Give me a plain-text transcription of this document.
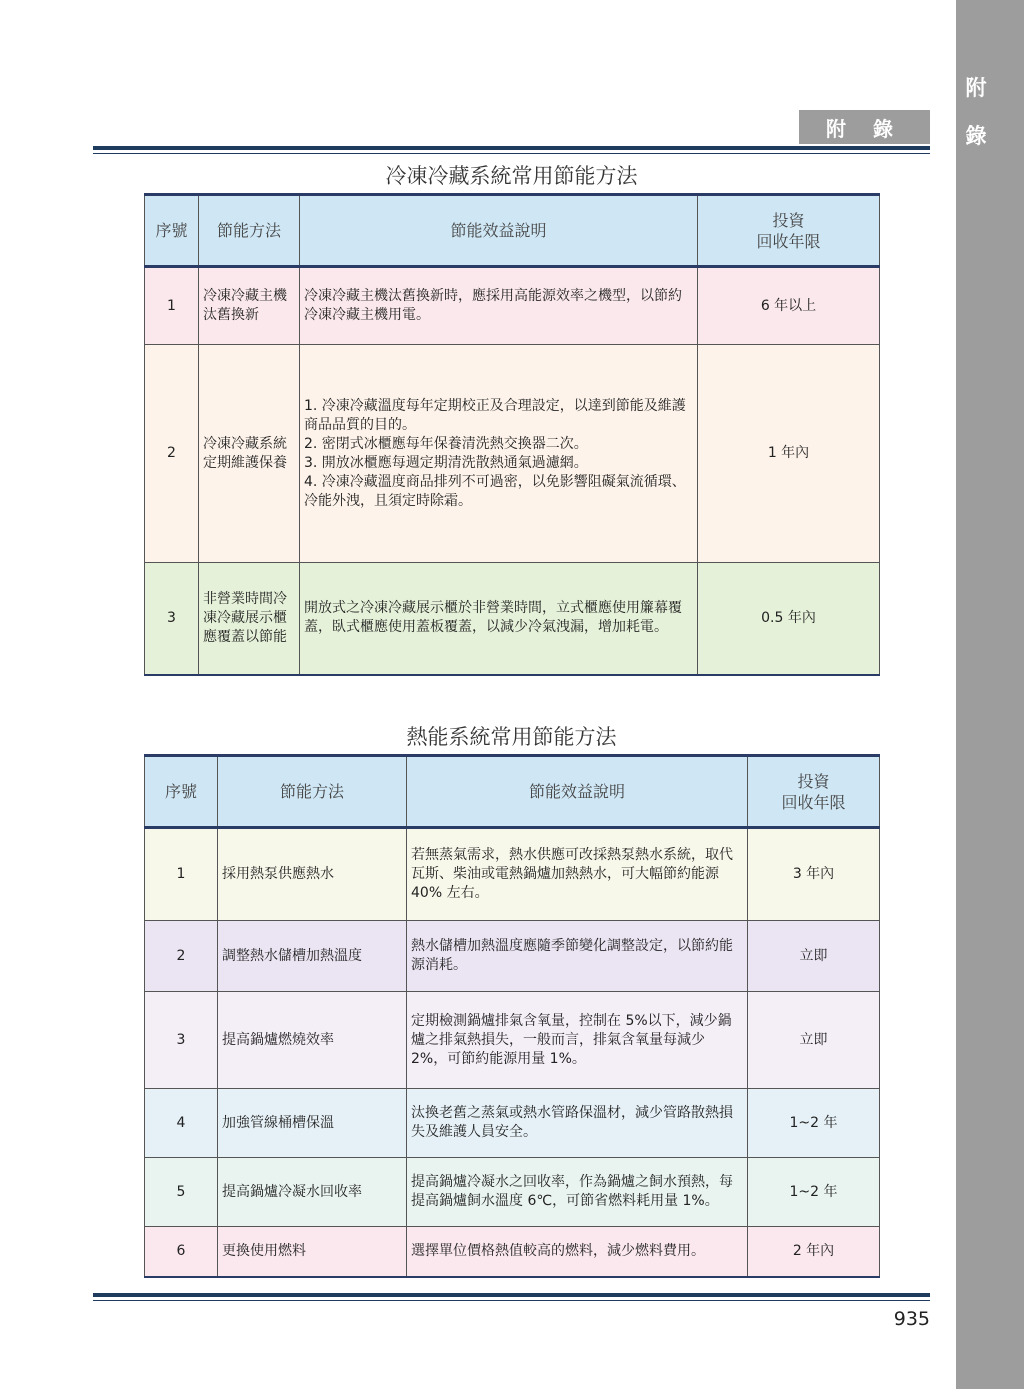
附
錄
附 錄
冷凍冷藏系統常用節能方法
序號	節能方法	節能效益說明	投資
回收年限

1	冷凍冷藏主機汰舊換新	冷凍冷藏主機汰舊換新時，應採用高能源效率之機型，以節約冷凍冷藏主機用電。	6 年以上
2	冷凍冷藏系統定期維護保養	1. 冷凍冷藏溫度每年定期校正及合理設定，以達到節能及維護商品品質的目的。
2. 密閉式冰櫃應每年保養清洗熱交換器二次。
3. 開放冰櫃應每週定期清洗散熱通氣過濾網。
4. 冷凍冷藏溫度商品排列不可過密，以免影響阻礙氣流循環、冷能外洩，且須定時除霜。	1 年內
3	非營業時間冷凍冷藏展示櫃應覆蓋以節能	開放式之冷凍冷藏展示櫃於非營業時間，立式櫃應使用簾幕覆蓋，臥式櫃應使用蓋板覆蓋，以減少冷氣洩漏，增加耗電。	0.5 年內
熱能系統常用節能方法
序號	節能方法	節能效益說明	投資
回收年限

1	採用熱泵供應熱水	若無蒸氣需求，熱水供應可改採熱泵熱水系統，取代瓦斯、柴油或電熱鍋爐加熱熱水，可大幅節約能源 40% 左右。	3 年內
2	調整熱水儲槽加熱溫度	熱水儲槽加熱溫度應隨季節變化調整設定，以節約能源消耗。	立即
3	提高鍋爐燃燒效率	定期檢測鍋爐排氣含氧量，控制在 5%以下，減少鍋爐之排氣熱損失，一般而言，排氣含氧量每減少 2%，可節約能源用量 1%。	立即
4	加強管線桶槽保溫	汰換老舊之蒸氣或熱水管路保溫材，減少管路散熱損失及維護人員安全。	1~2 年
5	提高鍋爐冷凝水回收率	提高鍋爐冷凝水之回收率，作為鍋爐之飼水預熱，每提高鍋爐飼水溫度 6℃，可節省燃料耗用量 1%。	1~2 年
6	更換使用燃料	選擇單位價格熱值較高的燃料，減少燃料費用。	2 年內
935
